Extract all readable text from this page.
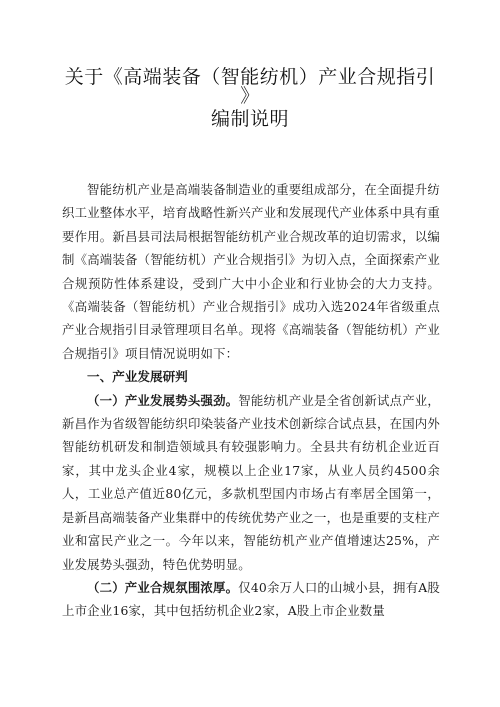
关于《高端装备（智能纺机）产业合规指引
》
编制说明

智能纺机产业是高端装备制造业的重要组成部分，在全面提升纺织工业整体水平，培育战略性新兴产业和发展现代产业体系中具有重要作用。新昌县司法局根据智能纺机产业合规改革的迫切需求，以编制《高端装备（智能纺机）产业合规指引》为切入点，全面探索产业合规预防性体系建设，受到广大中小企业和行业协会的大力支持。《高端装备（智能纺机）产业合规指引》成功入选2024年省级重点产业合规指引目录管理项目名单。现将《高端装备（智能纺机）产业合规指引》项目情况说明如下：

一、产业发展研判

（一）产业发展势头强劲。智能纺机产业是全省创新试点产业，新昌作为省级智能纺织印染装备产业技术创新综合试点县，在国内外智能纺机研发和制造领域具有较强影响力。全县共有纺机企业近百家，其中龙头企业4家，规模以上企业17家，从业人员约4500余人，工业总产值近80亿元，多款机型国内市场占有率居全国第一，是新昌高端装备产业集群中的传统优势产业之一，也是重要的支柱产业和富民产业之一。今年以来，智能纺机产业产值增速达25%，产业发展势头强劲，特色优势明显。

（二）产业合规氛围浓厚。仅40余万人口的山城小县，拥有A股上市企业16家，其中包括纺机企业2家，A股上市企业数量
